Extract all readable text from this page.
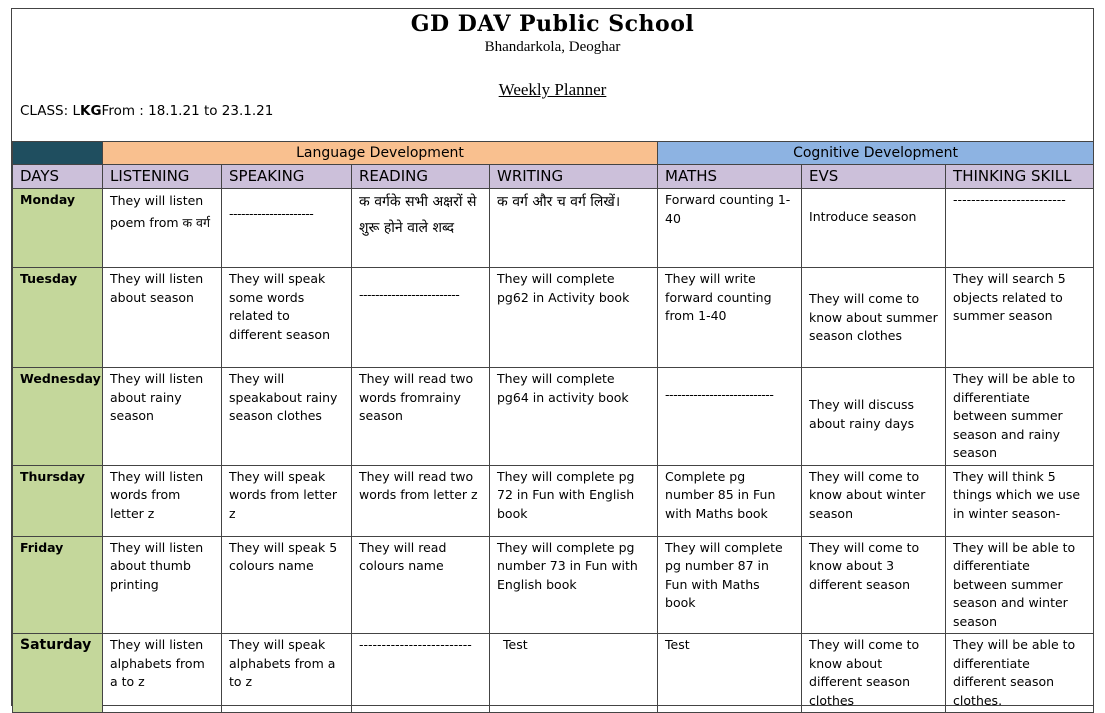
GD DAV Public School
Bhandarkola, Deoghar
Weekly Planner
CLASS: LKGFrom : 18.1.21 to 23.1.21
	Language Development				Cognitive Development		
DAYS	LISTENING	SPEAKING	READING	WRITING	MATHS	EVS	THINKING SKILL
Monday	They will listen poem from क वर्ग	---------------------	क वर्गके सभी अक्षरों से शुरू होने वाले शब्द	क वर्ग और च वर्ग लिखें।	Forward counting 1-40	Introduce season	-------------------------
Tuesday	They will listen about season	They will speak some words related to different season	-------------------------	They will complete pg62 in Activity book	They will write forward counting from 1-40	They will come to know about summer season clothes	They will search 5 objects related to summer season
Wednesday	They will listen about rainy season	They will speakabout rainy season clothes	They will read two words fromrainy season	They will complete pg64 in activity book	---------------------------	They will discuss about rainy days	They will be able to differentiate between summer season and rainy season
Thursday	They will listen words from letter z	They will speak words from letter z	They will read two words from letter z	They will complete pg 72 in Fun with English book	Complete pg number 85 in Fun with Maths book	They will come to know about winter season	They will think 5 things which we use in winter season-
Friday	They will listen about thumb printing	They will speak 5 colours name	They will read colours name	They will complete pg number 73 in Fun with English book	They will complete pg number 87 in Fun with Maths book	They will come to know about 3 different season	They will be able to differentiate between summer season and winter season
Saturday	They will listen alphabets from a to z	They will speak alphabets from a to z	-------------------------	Test	Test	They will come to know about different season clothes	They will be able to differentiate different season clothes.
